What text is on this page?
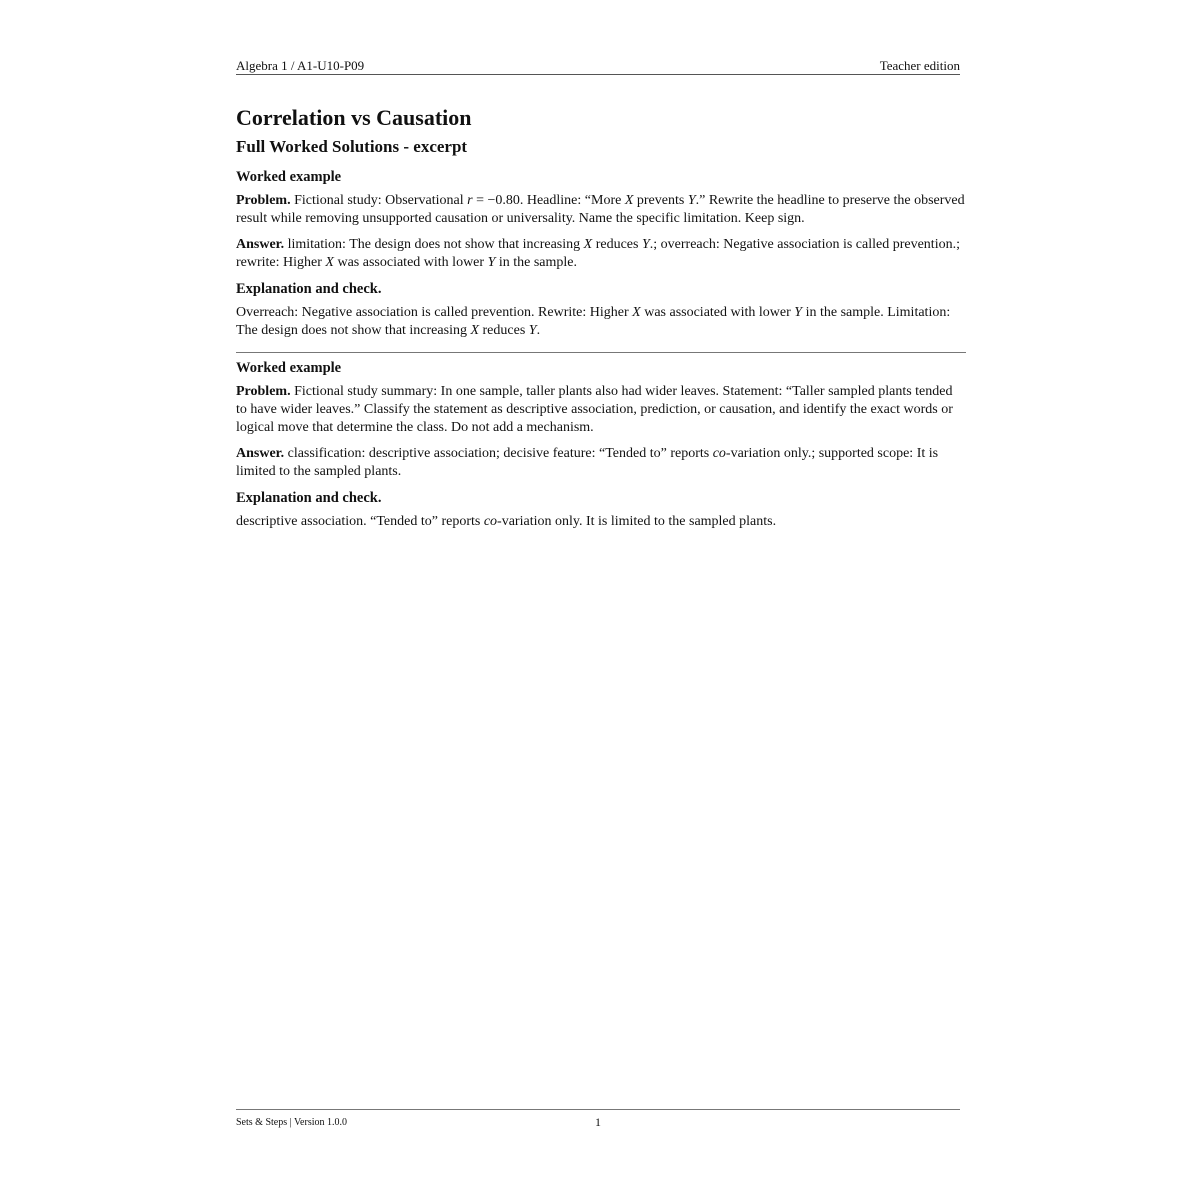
Algebra 1 / A1-U10-P09	Teacher edition
Correlation vs Causation
Full Worked Solutions - excerpt
Worked example

Problem. Fictional study: Observational r = −0.80. Headline: “More X prevents Y.” Rewrite the headline to preserve the observed result while removing unsupported causation or universality. Name the specific limitation. Keep sign.

Answer. limitation: The design does not show that increasing X reduces Y.; overreach: Negative association is called prevention.; rewrite: Higher X was associated with lower Y in the sample.

Explanation and check.

Overreach: Negative association is called prevention. Rewrite: Higher X was associated with lower Y in the sample. Limitation: The design does not show that increasing X reduces Y.

Worked example

Problem. Fictional study summary: In one sample, taller plants also had wider leaves. Statement: “Taller sampled plants tended to have wider leaves.” Classify the statement as descriptive association, prediction, or causation, and identify the exact words or logical move that determine the class. Do not add a mechanism.

Answer. classification: descriptive association; decisive feature: “Tended to” reports co-variation only.; supported scope: It is limited to the sampled plants.

Explanation and check.

descriptive association. “Tended to” reports co-variation only. It is limited to the sampled plants.

Sets & Steps | Version 1.0.0	1
